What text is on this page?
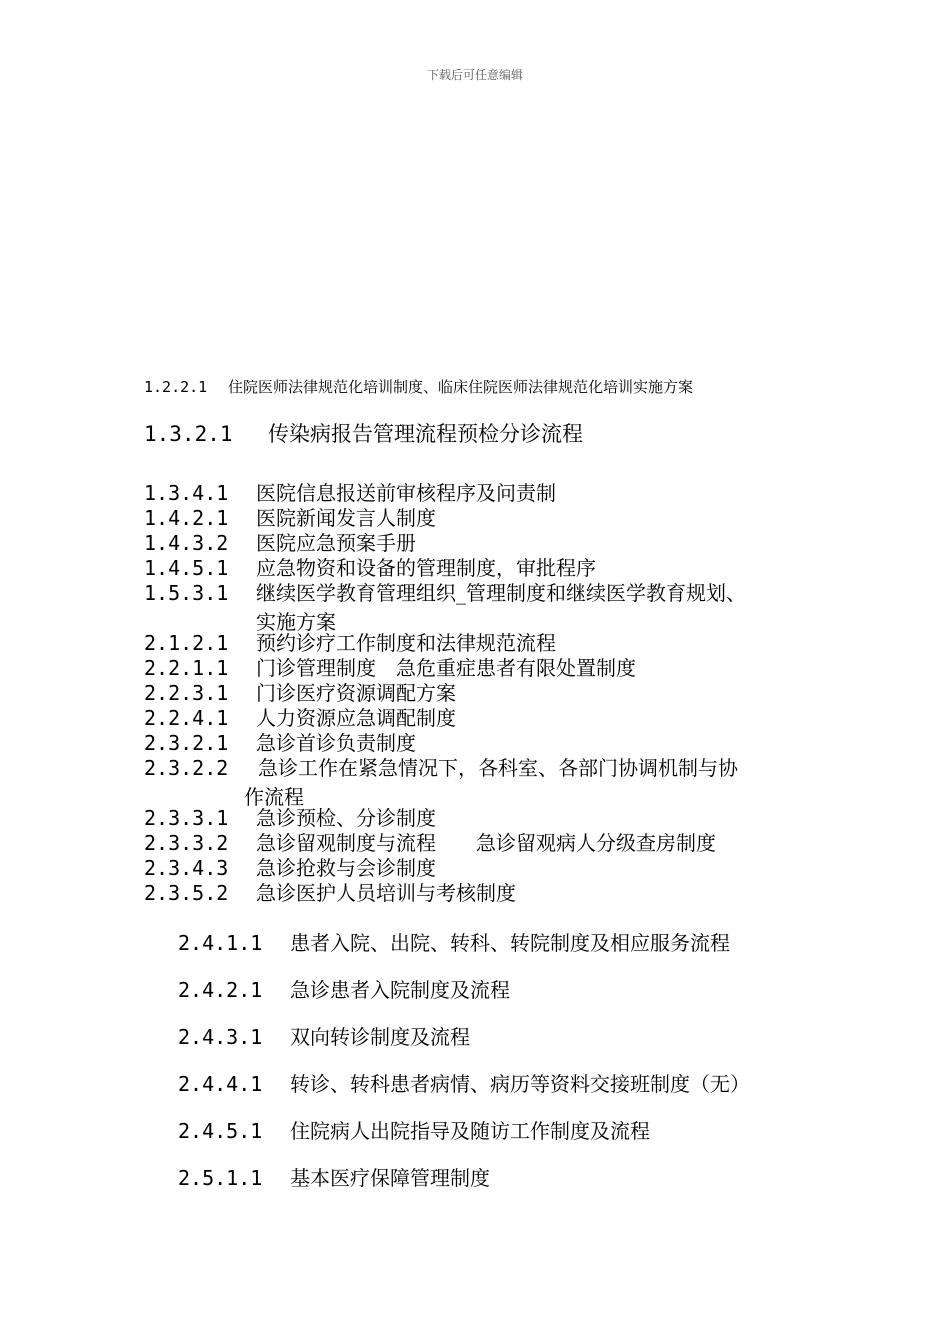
下载后可任意编辑
1.2.2.1 住院医师法律规范化培训制度、临床住院医师法律规范化培训实施方案
1.3.2.1 传染病报告管理流程预检分诊流程
1.3.4.1 医院信息报送前审核程序及问责制
1.4.2.1 医院新闻发言人制度
1.4.3.2 医院应急预案手册
1.4.5.1 应急物资和设备的管理制度，审批程序
1.5.3.1 继续医学教育管理组织_管理制度和继续医学教育规划、
实施方案
2.1.2.1 预约诊疗工作制度和法律规范流程
2.2.1.1 门诊管理制度　急危重症患者有限处置制度
2.2.3.1 门诊医疗资源调配方案
2.2.4.1 人力资源应急调配制度
2.3.2.1 急诊首诊负责制度
2.3.2.2 急诊工作在紧急情况下，各科室、各部门协调机制与协
作流程
2.3.3.1 急诊预检、分诊制度
2.3.3.2 急诊留观制度与流程　　急诊留观病人分级查房制度
2.3.4.3 急诊抢救与会诊制度
2.3.5.2 急诊医护人员培训与考核制度
2.4.1.1 患者入院、出院、转科、转院制度及相应服务流程
2.4.2.1 急诊患者入院制度及流程
2.4.3.1 双向转诊制度及流程
2.4.4.1 转诊、转科患者病情、病历等资料交接班制度（无）
2.4.5.1 住院病人出院指导及随访工作制度及流程
2.5.1.1 基本医疗保障管理制度
